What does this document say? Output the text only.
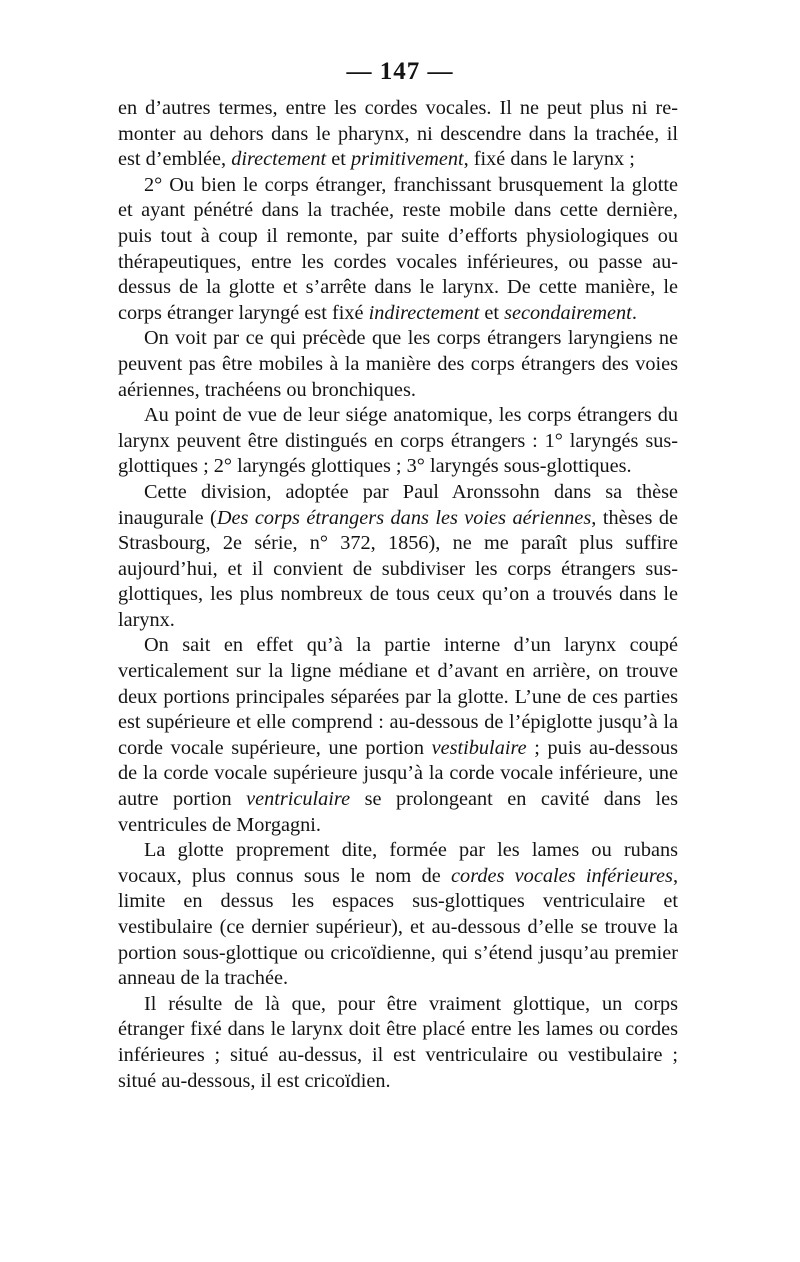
— 147 —

en d’autres termes, entre les cordes vocales. Il ne peut plus ni re-monter au dehors dans le pharynx, ni descendre dans la trachée, il est d’emblée, directement et primitivement, fixé dans le larynx ;

2° Ou bien le corps étranger, franchissant brusquement la glotte et ayant pénétré dans la trachée, reste mobile dans cette dernière, puis tout à coup il remonte, par suite d’efforts physiologiques ou thérapeutiques, entre les cordes vocales inférieures, ou passe au-dessus de la glotte et s’arrête dans le larynx. De cette manière, le corps étranger laryngé est fixé indirectement et secondairement.

On voit par ce qui précède que les corps étrangers laryngiens ne peuvent pas être mobiles à la manière des corps étrangers des voies aériennes, trachéens ou bronchiques.

Au point de vue de leur siége anatomique, les corps étrangers du larynx peuvent être distingués en corps étrangers : 1° laryngés sus-glottiques ; 2° laryngés glottiques ; 3° laryngés sous-glottiques.

Cette division, adoptée par Paul Aronssohn dans sa thèse inaugurale (Des corps étrangers dans les voies aériennes, thèses de Strasbourg, 2e série, n° 372, 1856), ne me paraît plus suffire aujourd’hui, et il convient de subdiviser les corps étrangers sus-glottiques, les plus nombreux de tous ceux qu’on a trouvés dans le larynx.

On sait en effet qu’à la partie interne d’un larynx coupé verticalement sur la ligne médiane et d’avant en arrière, on trouve deux portions principales séparées par la glotte. L’une de ces parties est supérieure et elle comprend : au-dessous de l’épiglotte jusqu’à la corde vocale supérieure, une portion vestibulaire ; puis au-dessous de la corde vocale supérieure jusqu’à la corde vocale inférieure, une autre portion ventriculaire se prolongeant en cavité dans les ventricules de Morgagni.

La glotte proprement dite, formée par les lames ou rubans vocaux, plus connus sous le nom de cordes vocales inférieures, limite en dessus les espaces sus-glottiques ventriculaire et vestibulaire (ce dernier supérieur), et au-dessous d’elle se trouve la portion sous-glottique ou cricoïdienne, qui s’étend jusqu’au premier anneau de la trachée.

Il résulte de là que, pour être vraiment glottique, un corps étranger fixé dans le larynx doit être placé entre les lames ou cordes inférieures ; situé au-dessus, il est ventriculaire ou vestibulaire ; situé au-dessous, il est cricoïdien.
